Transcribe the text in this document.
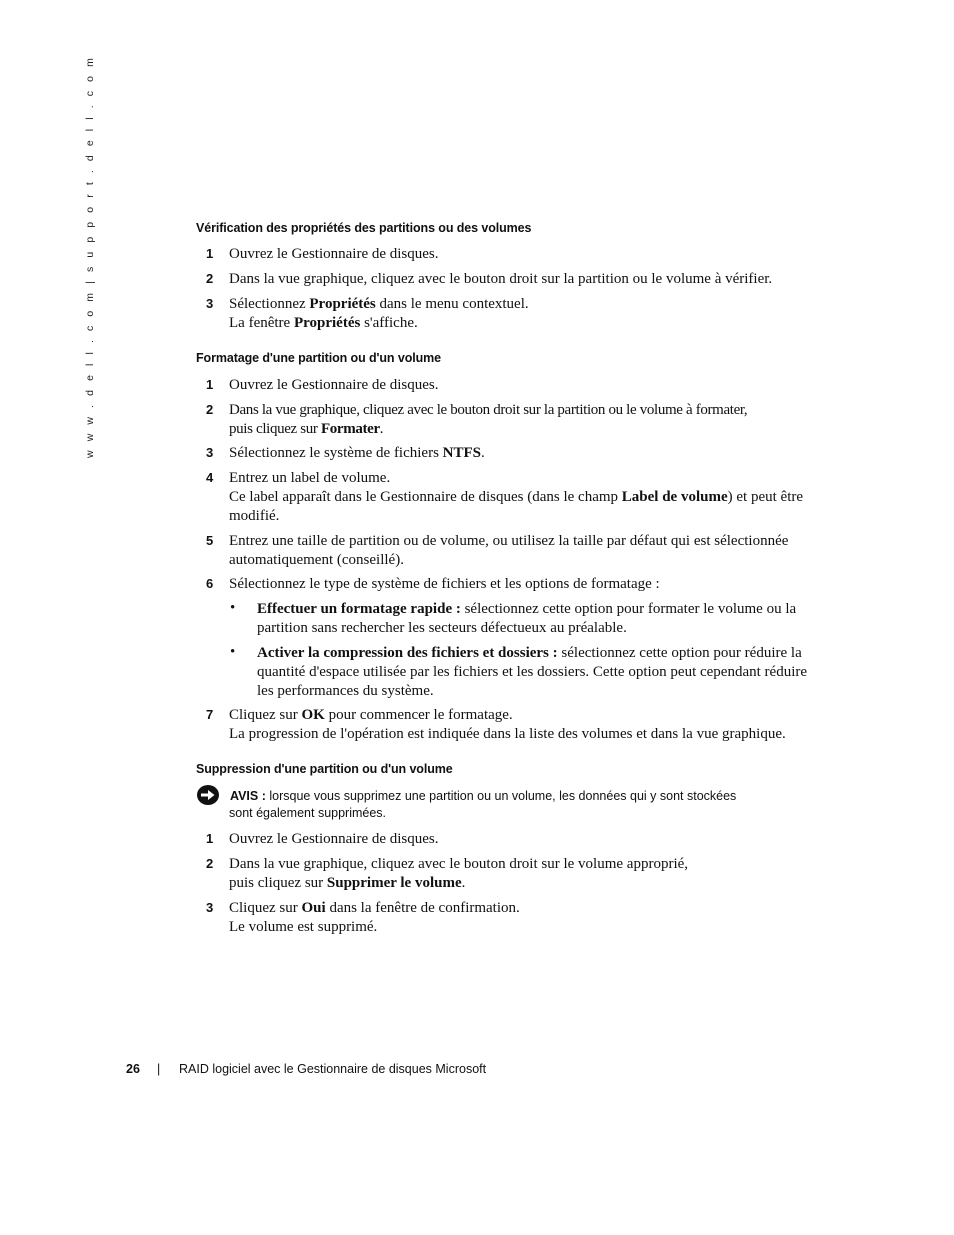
w w w . d e l l . c o m | s u p p o r t . d e l l . c o m	Vérification des propriétés des partitions ou des volumes
1 Ouvrez le Gestionnaire de disques.
2 Dans la vue graphique, cliquez avec le bouton droit sur la partition ou le volume à vérifier.
3 Sélectionnez Propriétés dans le menu contextuel.
La fenêtre Propriétés s'affiche.
Formatage d'une partition ou d'un volume
1 Ouvrez le Gestionnaire de disques.
2 Dans la vue graphique, cliquez avec le bouton droit sur la partition ou le volume à formater,
puis cliquez sur Formater.
3 Sélectionnez le système de fichiers NTFS.
4 Entrez un label de volume.
Ce label apparaît dans le Gestionnaire de disques (dans le champ Label de volume) et peut être modifié.
5 Entrez une taille de partition ou de volume, ou utilisez la taille par défaut qui est sélectionnée automatiquement (conseillé).
6 Sélectionnez le type de système de fichiers et les options de formatage :
• Effectuer un formatage rapide : sélectionnez cette option pour formater le volume ou la partition sans rechercher les secteurs défectueux au préalable.
• Activer la compression des fichiers et dossiers : sélectionnez cette option pour réduire la quantité d'espace utilisée par les fichiers et les dossiers. Cette option peut cependant réduire les performances du système.
7 Cliquez sur OK pour commencer le formatage.
La progression de l'opération est indiquée dans la liste des volumes et dans la vue graphique.
Suppression d'une partition ou d'un volume
AVIS : lorsque vous supprimez une partition ou un volume, les données qui y sont stockées
sont également supprimées.
1 Ouvrez le Gestionnaire de disques.
2 Dans la vue graphique, cliquez avec le bouton droit sur le volume approprié,
puis cliquez sur Supprimer le volume.
3 Cliquez sur Oui dans la fenêtre de confirmation.
Le volume est supprimé.
26 | RAID logiciel avec le Gestionnaire de disques Microsoft
